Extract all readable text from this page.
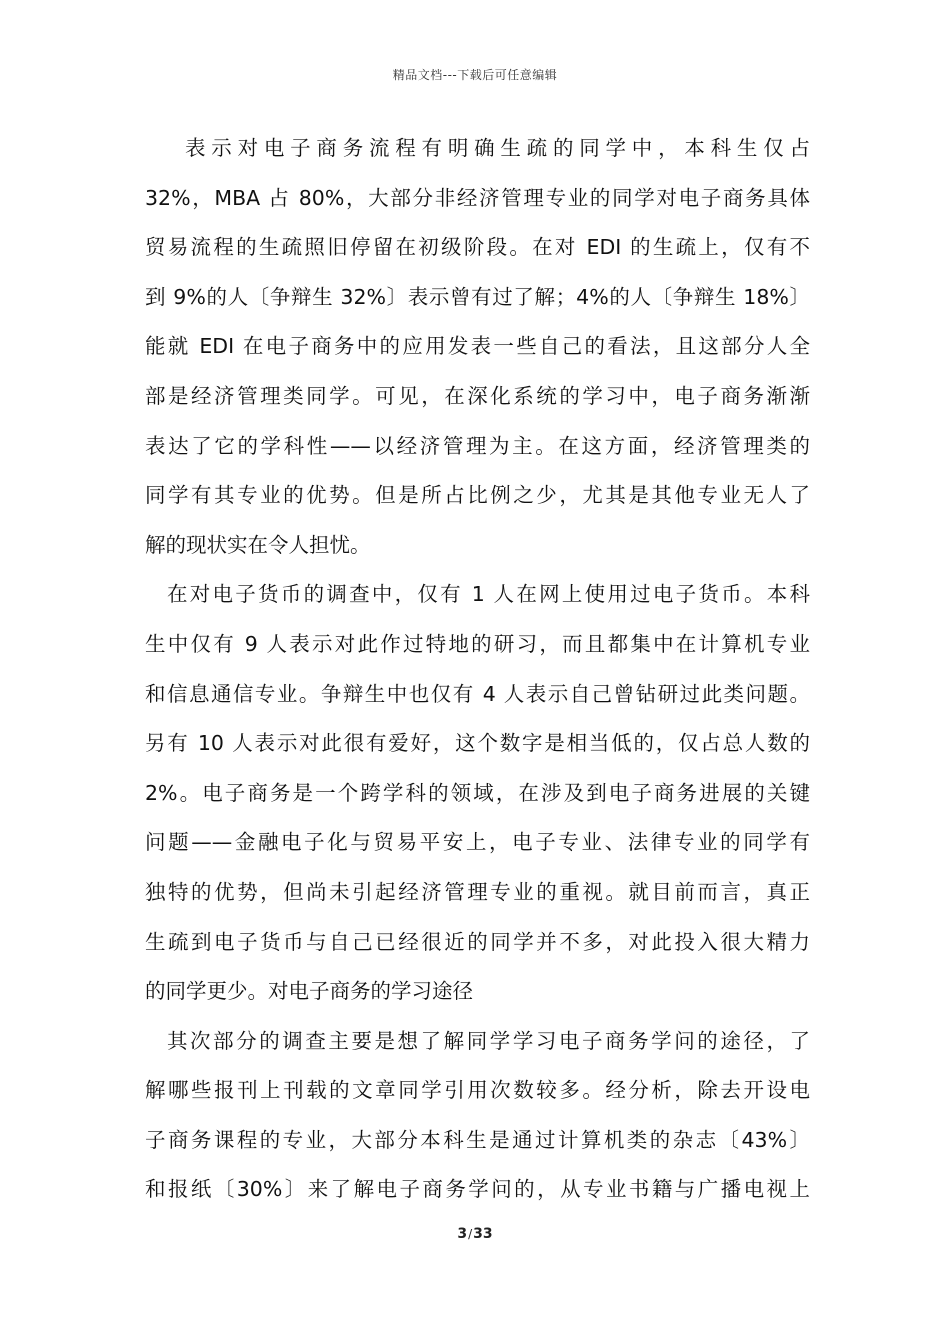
精品文档---下载后可任意编辑
表示对电子商务流程有明确生疏的同学中，本科生仅占
32%，MBA 占 80%，大部分非经济管理专业的同学对电子商务具体
贸易流程的生疏照旧停留在初级阶段。在对 EDI 的生疏上，仅有不
到 9%的人〔争辩生 32%〕表示曾有过了解；4%的人〔争辩生 18%〕
能就 EDI 在电子商务中的应用发表一些自己的看法，且这部分人全
部是经济管理类同学。可见，在深化系统的学习中，电子商务渐渐
表达了它的学科性——以经济管理为主。在这方面，经济管理类的
同学有其专业的优势。但是所占比例之少，尤其是其他专业无人了
解的现状实在令人担忧。
在对电子货币的调查中，仅有 1 人在网上使用过电子货币。本科
生中仅有 9 人表示对此作过特地的研习，而且都集中在计算机专业
和信息通信专业。争辩生中也仅有 4 人表示自己曾钻研过此类问题。
另有 10 人表示对此很有爱好，这个数字是相当低的，仅占总人数的
2%。电子商务是一个跨学科的领域，在涉及到电子商务进展的关键
问题——金融电子化与贸易平安上，电子专业、法律专业的同学有
独特的优势，但尚未引起经济管理专业的重视。就目前而言，真正
生疏到电子货币与自己已经很近的同学并不多，对此投入很大精力
的同学更少。对电子商务的学习途径
其次部分的调查主要是想了解同学学习电子商务学问的途径，了
解哪些报刊上刊载的文章同学引用次数较多。经分析，除去开设电
子商务课程的专业，大部分本科生是通过计算机类的杂志〔43%〕
和报纸〔30%〕来了解电子商务学问的，从专业书籍与广播电视上
3/33
